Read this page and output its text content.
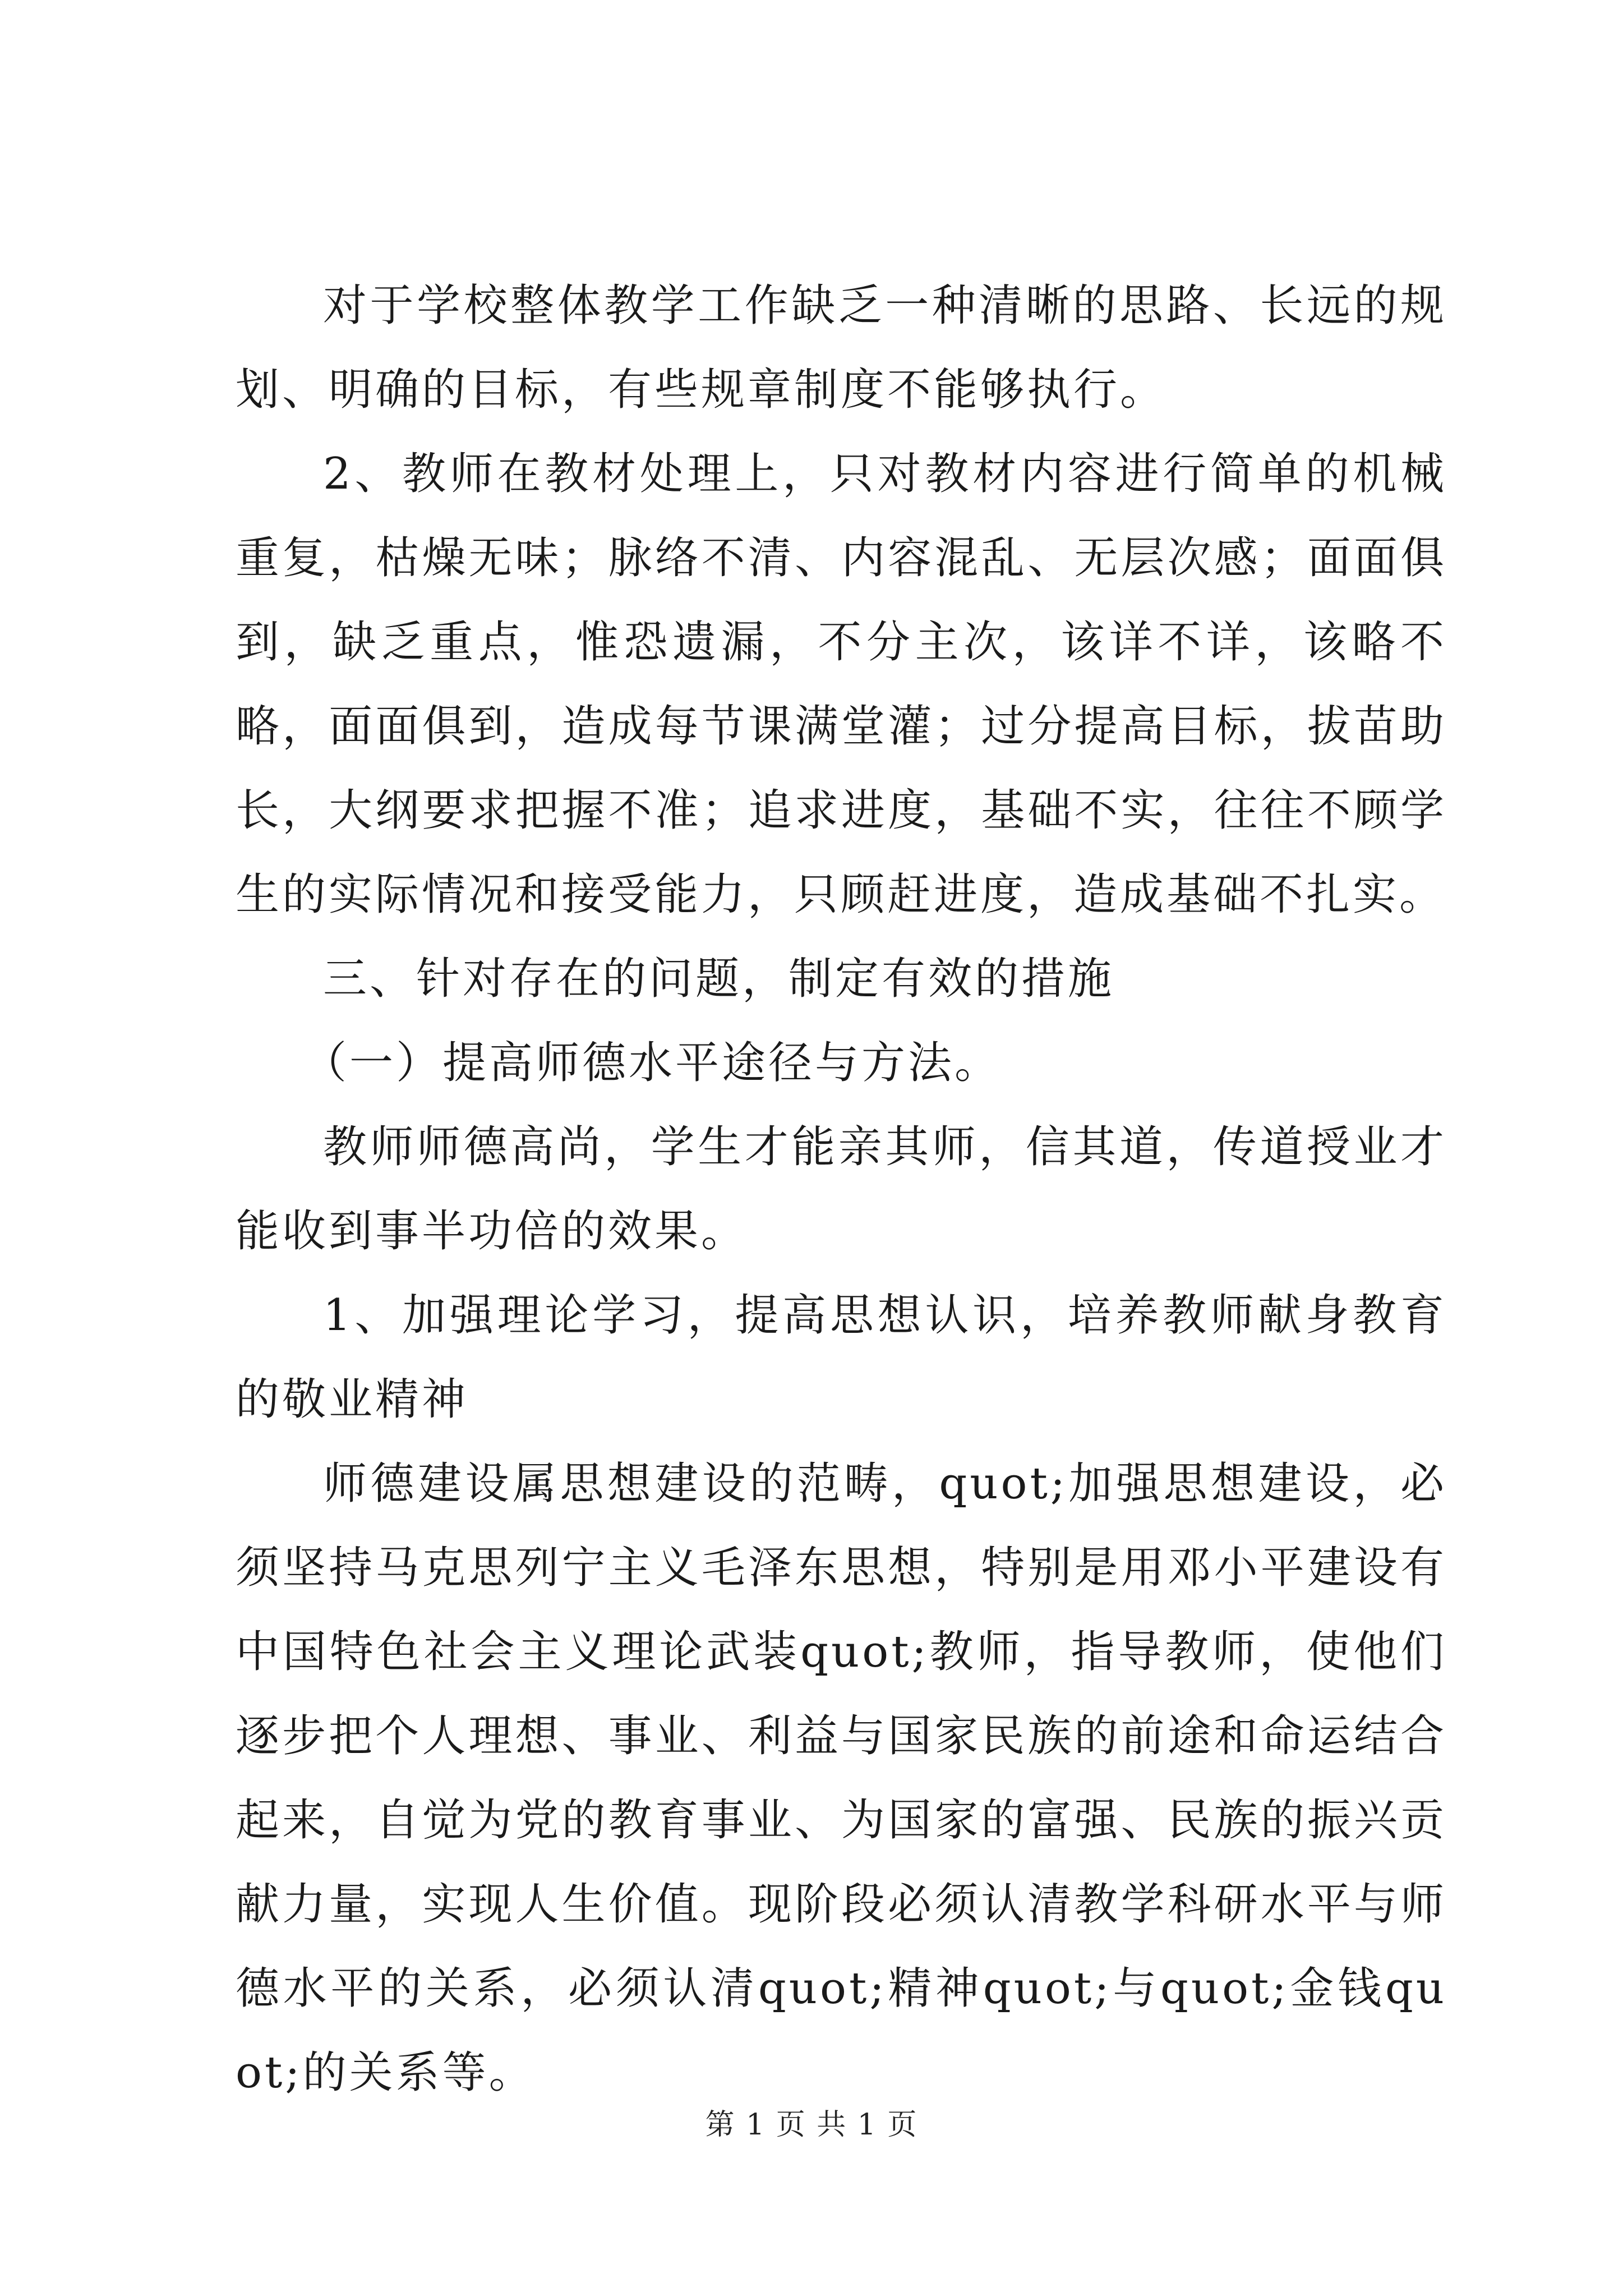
对于学校整体教学工作缺乏一种清晰的思路、长远的规划、明确的目标，有些规章制度不能够执行。

2、教师在教材处理上，只对教材内容进行简单的机械重复，枯燥无味；脉络不清、内容混乱、无层次感；面面俱到，缺乏重点，惟恐遗漏，不分主次，该详不详，该略不略，面面俱到，造成每节课满堂灌；过分提高目标，拔苗助长，大纲要求把握不准；追求进度，基础不实，往往不顾学生的实际情况和接受能力，只顾赶进度，造成基础不扎实。

三、针对存在的问题，制定有效的措施

（一）提高师德水平途径与方法。

教师师德高尚，学生才能亲其师，信其道，传道授业才能收到事半功倍的效果。

1、加强理论学习，提高思想认识，培养教师献身教育的敬业精神

师德建设属思想建设的范畴，quot;加强思想建设，必须坚持马克思列宁主义毛泽东思想，特别是用邓小平建设有中国特色社会主义理论武装quot;教师，指导教师，使他们逐步把个人理想、事业、利益与国家民族的前途和命运结合起来，自觉为党的教育事业、为国家的富强、民族的振兴贡献力量，实现人生价值。现阶段必须认清教学科研水平与师德水平的关系，必须认清quot;精神quot;与quot;金钱quot;的关系等。

第 1 页 共 1 页
